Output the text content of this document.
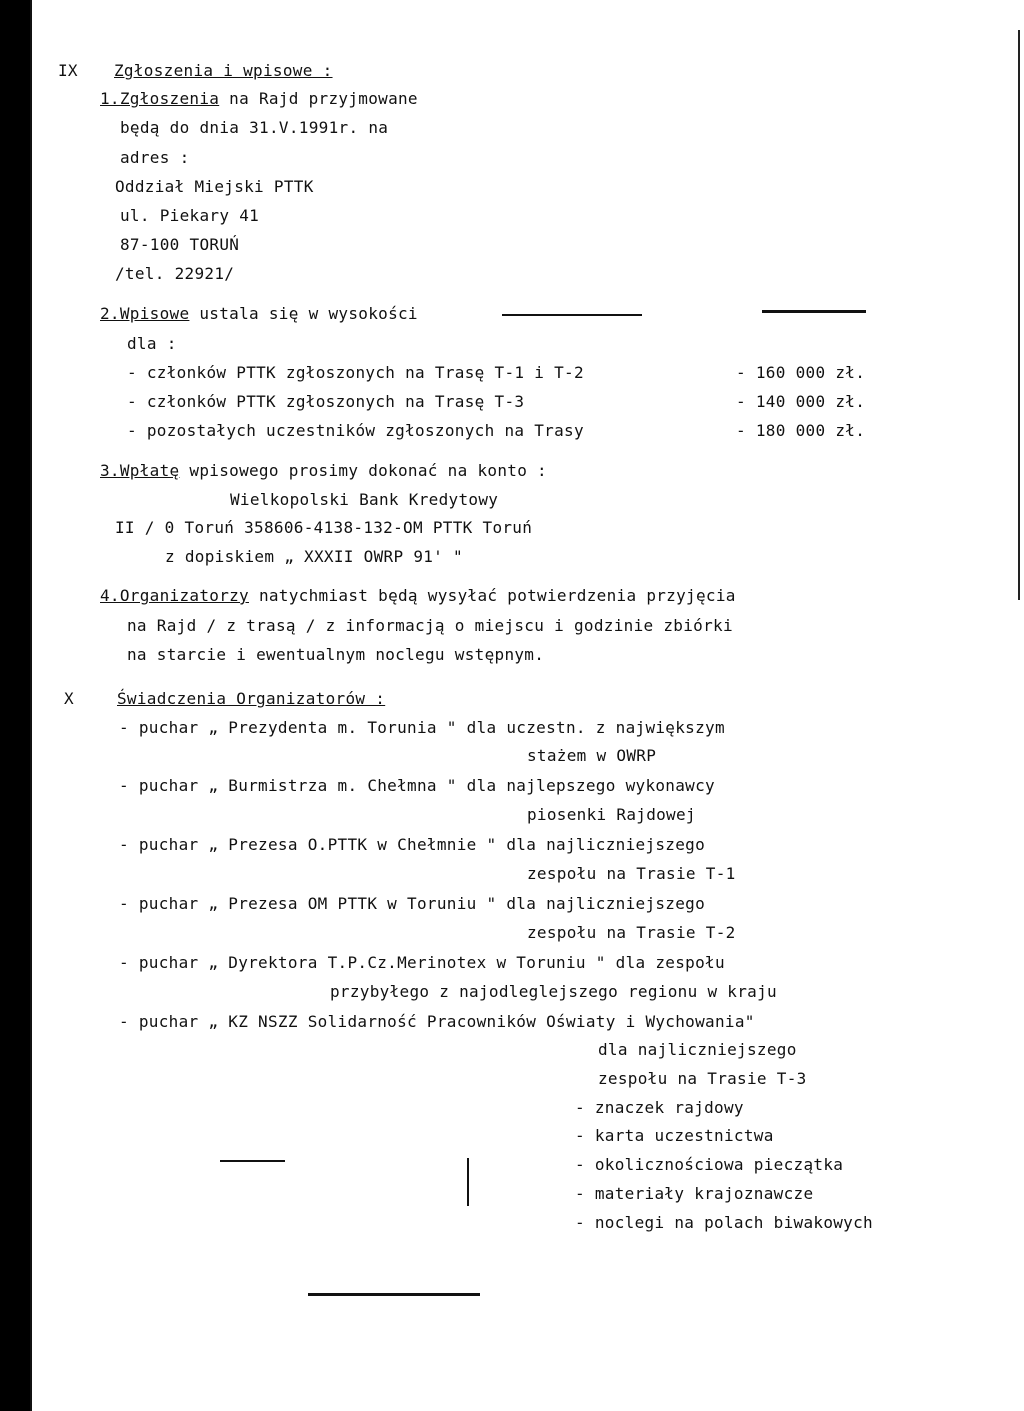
IX Zgłoszenia i wpisowe :
1.Zgłoszenia na Rajd przyjmowane
będą do dnia 31.V.1991r. na
adres :
Oddział Miejski PTTK
ul. Piekary 41
87-100 TORUŃ
/tel. 22921/
2.Wpisowe ustala się w wysokości
dla :
- członków PTTK zgłoszonych na Trasę T-1 i T-2	- 160 000 zł.
- członków PTTK zgłoszonych na Trasę T-3	- 140 000 zł.
- pozostałych uczestników zgłoszonych na Trasy	- 180 000 zł.
3.Wpłatę wpisowego prosimy dokonać na konto :
Wielkopolski Bank Kredytowy
II / 0 Toruń 358606-4138-132-OM PTTK Toruń
z dopiskiem „ XXXII OWRP 91' "
4.Organizatorzy natychmiast będą wysyłać potwierdzenia przyjęcia
na Rajd / z trasą / z informacją o miejscu i godzinie zbiórki
na starcie i ewentualnym noclegu wstępnym.
X	Świadczenia Organizatorów :
- puchar „ Prezydenta m. Torunia " dla uczestn. z największym
stażem w OWRP
- puchar „ Burmistrza m. Chełmna " dla najlepszego wykonawcy
piosenki Rajdowej
- puchar „ Prezesa O.PTTK w Chełmnie " dla najliczniejszego
zespołu na Trasie T-1
- puchar „ Prezesa OM PTTK w Toruniu " dla najliczniejszego
zespołu na Trasie T-2
- puchar „ Dyrektora T.P.Cz.Merinotex w Toruniu " dla zespołu
przybyłego z najodleglejszego regionu w kraju
- puchar „ KZ NSZZ Solidarność Pracowników Oświaty i Wychowania"
dla najliczniejszego
zespołu na Trasie T-3
- znaczek rajdowy
- karta uczestnictwa
- okolicznościowa pieczątka
- materiały krajoznawcze
- noclegi na polach biwakowych
